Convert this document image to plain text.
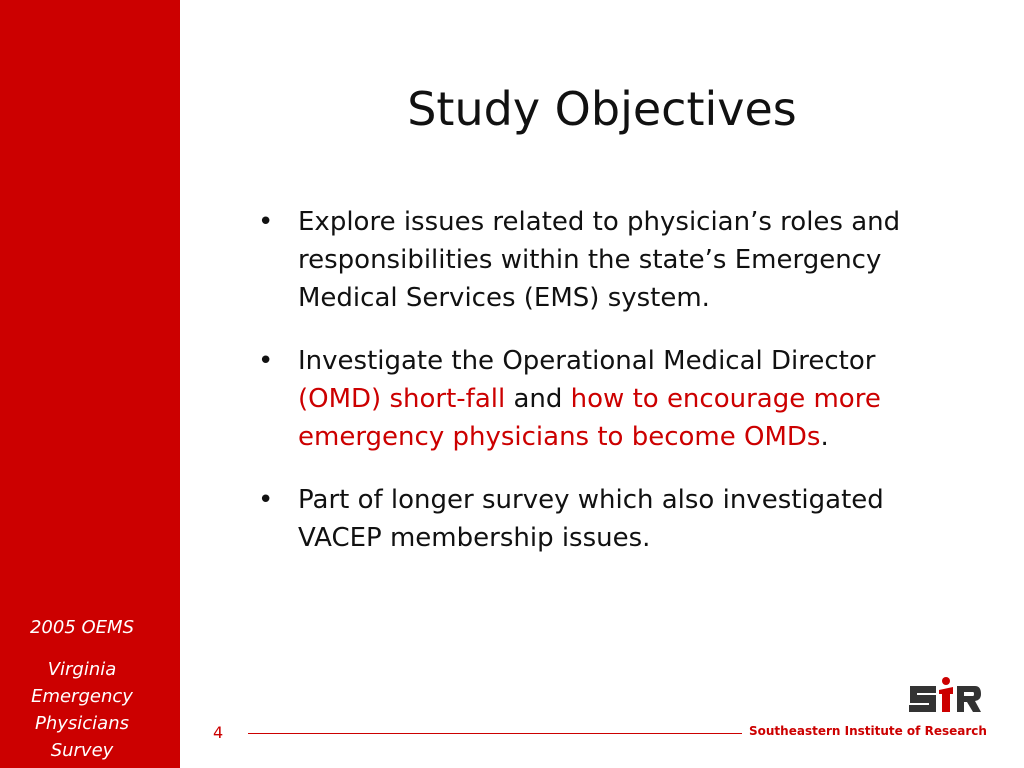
2005 OEMS
Virginia
Emergency
Physicians
Survey
Study Objectives
• Explore issues related to physician’s roles and responsibilities within the state’s Emergency Medical Services (EMS) system.
• Investigate the Operational Medical Director (OMD) short-fall and how to encourage more emergency physicians to become OMDs.
• Part of longer survey which also investigated VACEP membership issues.
4	Southeastern Institute of Research
